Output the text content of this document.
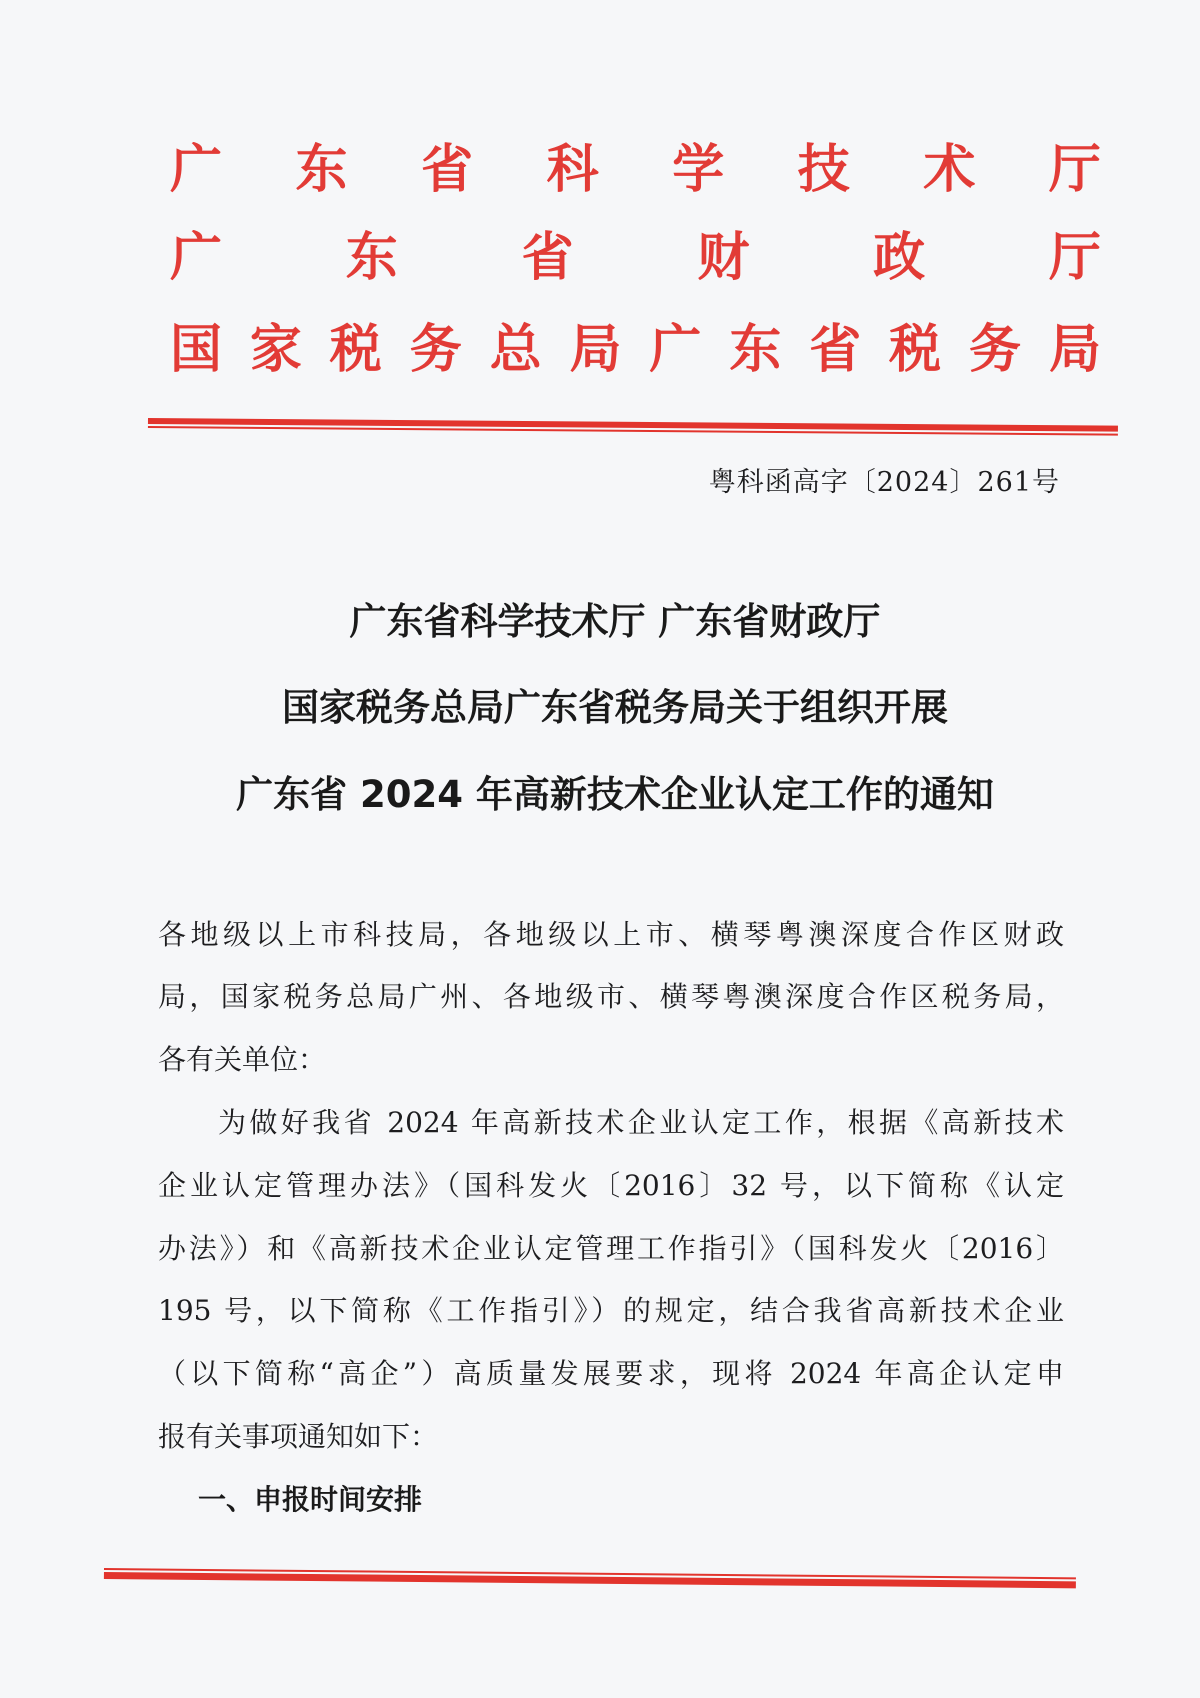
广 东 省 科 学 技 术 厅
广 东 省 财 政 厅
国 家 税 务 总 局 广 东 省 税 务 局
粤科函高字〔2024〕261号
广东省科学技术厅 广东省财政厅
国家税务总局广东省税务局关于组织开展
广东省 2024 年高新技术企业认定工作的通知
各地级以上市科技局，各地级以上市、横琴粤澳深度合作区财政
局，国家税务总局广州、各地级市、横琴粤澳深度合作区税务局，
各有关单位：
为做好我省 2024 年高新技术企业认定工作，根据《高新技术
企业认定管理办法》（国科发火〔2016〕32 号，以下简称《认定
办法》）和《高新技术企业认定管理工作指引》（国科发火〔2016〕
195 号，以下简称《工作指引》）的规定，结合我省高新技术企业
（以下简称“高企”）高质量发展要求，现将 2024 年高企认定申
报有关事项通知如下：
一、申报时间安排
